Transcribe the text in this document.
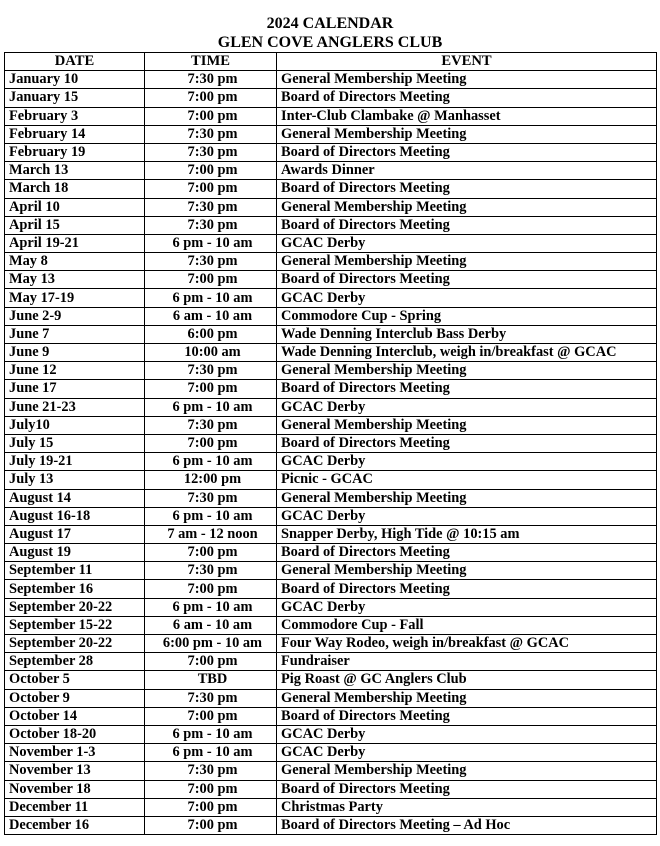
2024 CALENDAR
GLEN COVE ANGLERS CLUB
DATE	TIME	EVENT
January 10	7:30 pm	General Membership Meeting
January 15	7:00 pm	Board of Directors Meeting
February 3	7:00 pm	Inter-Club Clambake @ Manhasset
February 14	7:30 pm	General Membership Meeting
February 19	7:30 pm	Board of Directors Meeting
March 13	7:00 pm	Awards Dinner
March 18	7:00 pm	Board of Directors Meeting
April 10	7:30 pm	General Membership Meeting
April 15	7:30 pm	Board of Directors Meeting
April 19-21	6 pm - 10 am	GCAC Derby
May 8	7:30 pm	General Membership Meeting
May 13	7:00 pm	Board of Directors Meeting
May 17-19	6 pm - 10 am	GCAC Derby
June 2-9	6 am - 10 am	Commodore Cup - Spring
June 7	6:00 pm	Wade Denning Interclub Bass Derby
June 9	10:00 am	Wade Denning Interclub, weigh in/breakfast @ GCAC
June 12	7:30 pm	General Membership Meeting
June 17	7:00 pm	Board of Directors Meeting
June 21-23	6 pm - 10 am	GCAC Derby
July10	7:30 pm	General Membership Meeting
July 15	7:00 pm	Board of Directors Meeting
July 19-21	6 pm - 10 am	GCAC Derby
July 13	12:00 pm	Picnic - GCAC
August 14	7:30 pm	General Membership Meeting
August 16-18	6 pm - 10 am	GCAC Derby
August 17	7 am - 12 noon	Snapper Derby, High Tide @ 10:15 am
August 19	7:00 pm	Board of Directors Meeting
September 11	7:30 pm	General Membership Meeting
September 16	7:00 pm	Board of Directors Meeting
September 20-22	6 pm - 10 am	GCAC Derby
September 15-22	6 am - 10 am	Commodore Cup - Fall
September 20-22	6:00 pm - 10 am	Four Way Rodeo, weigh in/breakfast @ GCAC
September 28	7:00 pm	Fundraiser
October 5	TBD	Pig Roast @ GC Anglers Club
October 9	7:30 pm	General Membership Meeting
October 14	7:00 pm	Board of Directors Meeting
October 18-20	6 pm - 10 am	GCAC Derby
November 1-3	6 pm - 10 am	GCAC Derby
November 13	7:30 pm	General Membership Meeting
November 18	7:00 pm	Board of Directors Meeting
December 11	7:00 pm	Christmas Party
December 16	7:00 pm	Board of Directors Meeting – Ad Hoc
